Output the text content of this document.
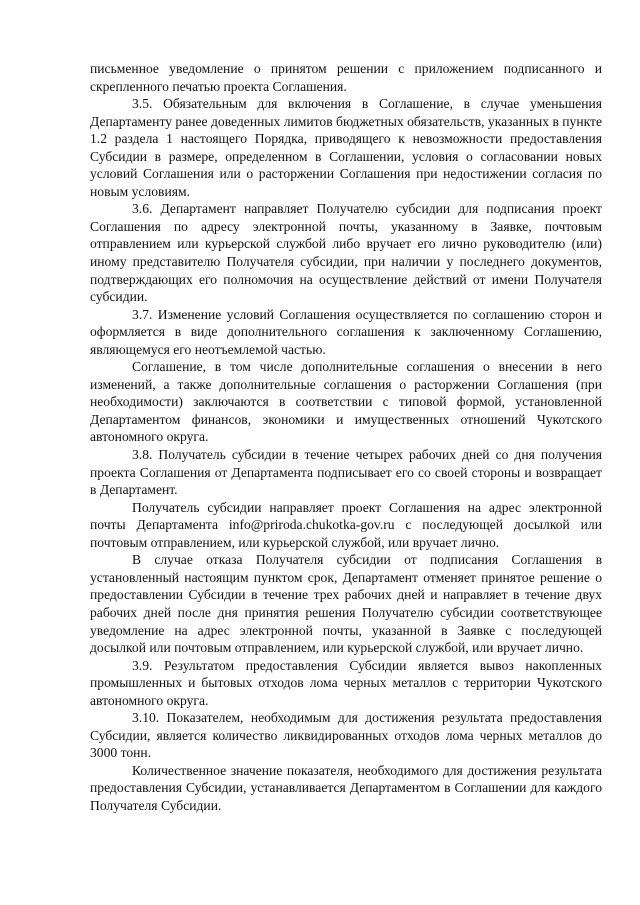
письменное уведомление о принятом решении с приложением подписанного и скрепленного печатью проекта Соглашения.

3.5. Обязательным для включения в Соглашение, в случае уменьшения Департаменту ранее доведенных лимитов бюджетных обязательств, указанных в пункте 1.2 раздела 1 настоящего Порядка, приводящего к невозможности предоставления Субсидии в размере, определенном в Соглашении, условия о согласовании новых условий Соглашения или о расторжении Соглашения при недостижении согласия по новым условиям.

3.6. Департамент направляет Получателю субсидии для подписания проект Соглашения по адресу электронной почты, указанному в Заявке, почтовым отправлением или курьерской службой либо вручает его лично руководителю (или) иному представителю Получателя субсидии, при наличии у последнего документов, подтверждающих его полномочия на осуществление действий от имени Получателя субсидии.

3.7. Изменение условий Соглашения осуществляется по соглашению сторон и оформляется в виде дополнительного соглашения к заключенному Соглашению, являющемуся его неотъемлемой частью.

Соглашение, в том числе дополнительные соглашения о внесении в него изменений, а также дополнительные соглашения о расторжении Соглашения (при необходимости) заключаются в соответствии с типовой формой, установленной Департаментом финансов, экономики и имущественных отношений Чукотского автономного округа.

3.8. Получатель субсидии в течение четырех рабочих дней со дня получения проекта Соглашения от Департамента подписывает его со своей стороны и возвращает в Департамент.

Получатель субсидии направляет проект Соглашения на адрес электронной почты Департамента info@priroda.chukotka-gov.ru с последующей досылкой или почтовым отправлением, или курьерской службой, или вручает лично.

В случае отказа Получателя субсидии от подписания Соглашения в установленный настоящим пунктом срок, Департамент отменяет принятое решение о предоставлении Субсидии в течение трех рабочих дней и направляет в течение двух рабочих дней после дня принятия решения Получателю субсидии соответствующее уведомление на адрес электронной почты, указанной в Заявке с последующей досылкой или почтовым отправлением, или курьерской службой, или вручает лично.

3.9. Результатом предоставления Субсидии является вывоз накопленных промышленных и бытовых отходов лома черных металлов с территории Чукотского автономного округа.

3.10. Показателем, необходимым для достижения результата предоставления Субсидии, является количество ликвидированных отходов лома черных металлов до 3000 тонн.

Количественное значение показателя, необходимого для достижения результата предоставления Субсидии, устанавливается Департаментом в Соглашении для каждого Получателя Субсидии.
